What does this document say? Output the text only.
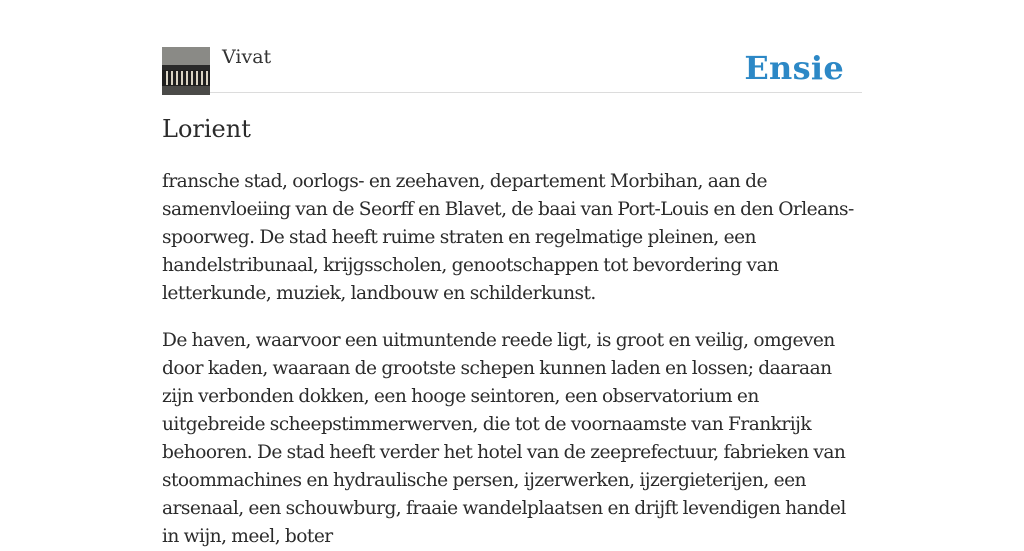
Vivat	Ensie
Lorient

fransche stad, oorlogs- en zeehaven, departement Morbihan, aan de samenvloeiing van de Seorff en Blavet, de baai van Port-Louis en den Orleans-spoorweg. De stad heeft ruime straten en regelmatige pleinen, een handelstribunaal, krijgsscholen, genootschappen tot bevordering van letterkunde, muziek, landbouw en schilderkunst.

De haven, waarvoor een uitmuntende reede ligt, is groot en veilig, omgeven door kaden, waaraan de grootste schepen kunnen laden en lossen; daaraan zijn verbonden dokken, een hooge seintoren, een observatorium en uitgebreide scheepstimmerwerven, die tot de voornaamste van Frankrijk behooren. De stad heeft verder het hotel van de zeeprefectuur, fabrieken van stoommachines en hydraulische persen, ijzerwerken, ijzergieterijen, een arsenaal, een schouwburg, fraaie wandelplaatsen en drijft levendigen handel in wijn, meel, boter
